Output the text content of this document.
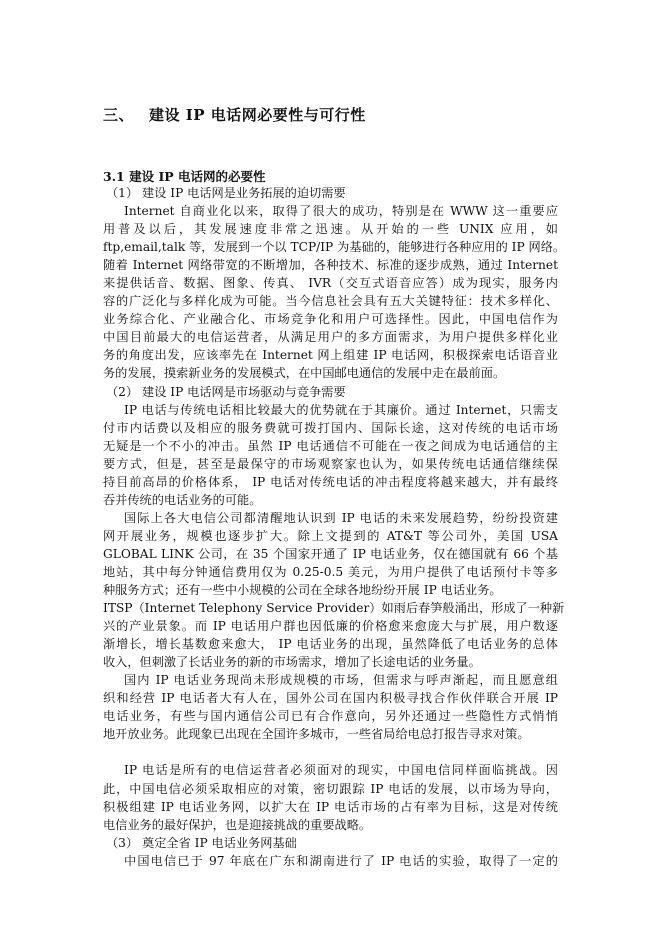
三、 建设 IP 电话网必要性与可行性
3.1 建设 IP 电话网的必要性
（1） 建设 IP 电话网是业务拓展的迫切需要
Internet 自商业化以来，取得了很大的成功，特别是在 WWW 这一重要应
用普及以后，其发展速度非常之迅速。从开始的一些 UNIX 应用，如
ftp,email,talk 等，发展到一个以 TCP/IP 为基础的，能够进行各种应用的 IP 网络。
随着 Internet 网络带宽的不断增加，各种技术、标准的逐步成熟，通过 Internet
来提供话音、数据、图象、传真、 IVR（交互式语音应答）成为现实，服务内
容的广泛化与多样化成为可能。当今信息社会具有五大关键特征：技术多样化、
业务综合化、产业融合化、市场竞争化和用户可选择性。因此，中国电信作为
中国目前最大的电信运营者，从满足用户的多方面需求，为用户提供多样化业
务的角度出发，应该率先在 Internet 网上组建 IP 电话网，积极探索电话语音业
务的发展，摸索新业务的发展模式，在中国邮电通信的发展中走在最前面。
（2） 建设 IP 电话网是市场驱动与竞争需要
IP 电话与传统电话相比较最大的优势就在于其廉价。通过 Internet，只需支
付市内话费以及相应的服务费就可拨打国内、国际长途，这对传统的电话市场
无疑是一个不小的冲击。虽然 IP 电话通信不可能在一夜之间成为电话通信的主
要方式，但是，甚至是最保守的市场观察家也认为，如果传统电话通信继续保
持目前高昂的价格体系， IP 电话对传统电话的冲击程度将越来越大，并有最终
吞并传统的电话业务的可能。
国际上各大电信公司都清醒地认识到 IP 电话的未来发展趋势，纷纷投资建
网开展业务，规模也逐步扩大。除上文提到的 AT&T 等公司外，美国 USA
GLOBAL LINK 公司，在 35 个国家开通了 IP 电话业务，仅在德国就有 66 个基
地站，其中每分钟通信费用仅为 0.25-0.5 美元，为用户提供了电话预付卡等多
种服务方式；还有一些中小规模的公司在全球各地纷纷开展 IP 电话业务。
ITSP（Internet Telephony Service Provider）如雨后春笋般涌出，形成了一种新
兴的产业景象。而 IP 电话用户群也因低廉的价格愈来愈庞大与扩展，用户数逐
渐增长，增长基数愈来愈大， IP 电话业务的出现，虽然降低了电话业务的总体
收入，但刺激了长话业务的新的市场需求，增加了长途电话的业务量。
国内 IP 电话业务现尚未形成规模的市场，但需求与呼声渐起，而且愿意组
织和经营 IP 电话者大有人在，国外公司在国内积极寻找合作伙伴联合开展 IP
电话业务，有些与国内通信公司已有合作意向，另外还通过一些隐性方式悄悄
地开放业务。此现象已出现在全国许多城市，一些省局给电总打报告寻求对策。
IP 电话是所有的电信运营者必须面对的现实，中国电信同样面临挑战。因
此，中国电信必须采取相应的对策，密切跟踪 IP 电话的发展，以市场为导向，
积极组建 IP 电话业务网，以扩大在 IP 电话市场的占有率为目标，这是对传统
电信业务的最好保护，也是迎接挑战的重要战略。
（3） 奠定全省 IP 电话业务网基础
中国电信已于 97 年底在广东和湖南进行了 IP 电话的实验，取得了一定的
